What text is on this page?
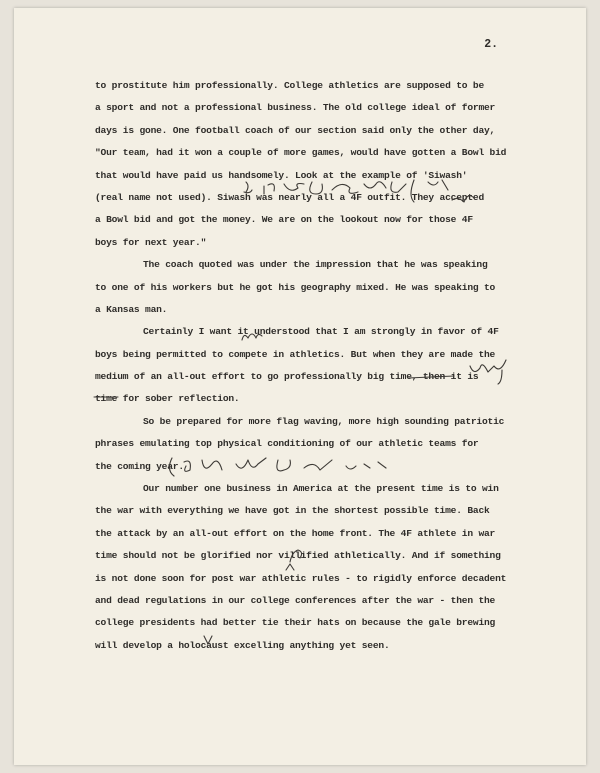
2.
to prostitute him professionally. College athletics are supposed to be
a sport and not a professional business. The old college ideal of former
days is gone. One football coach of our section said only the other day,
"Our team, had it won a couple of more games, would have gotten a Bowl bid
that would have paid us handsomely. Look at the example of 'Siwash'
(real name not used). Siwash was nearly all a 4F outfit. They accepted
a Bowl bid and got the money. We are on the lookout now for those 4F
boys for next year."
The coach quoted was under the impression that he was speaking
to one of his workers but he got his geography mixed. He was speaking to
a Kansas man.
Certainly I want it understood that I am strongly in favor of 4F
boys being permitted to compete in athletics. But when they are made the
medium of an all-out effort to go professionally big time, then it is
time for sober reflection.
So be prepared for more flag waving, more high sounding patriotic
phrases emulating top physical conditioning of our athletic teams for
the coming year.
Our number one business in America at the present time is to win
the war with everything we have got in the shortest possible time. Back
the attack by an all-out effort on the home front. The 4F athlete in war
time should not be glorified nor villified athletically. And if something
is not done soon for post war athletic rules - to rigidly enforce decadent
and dead regulations in our college conferences after the war - then the
college presidents had better tie their hats on because the gale brewing
will develop a holocaust excelling anything yet seen.
